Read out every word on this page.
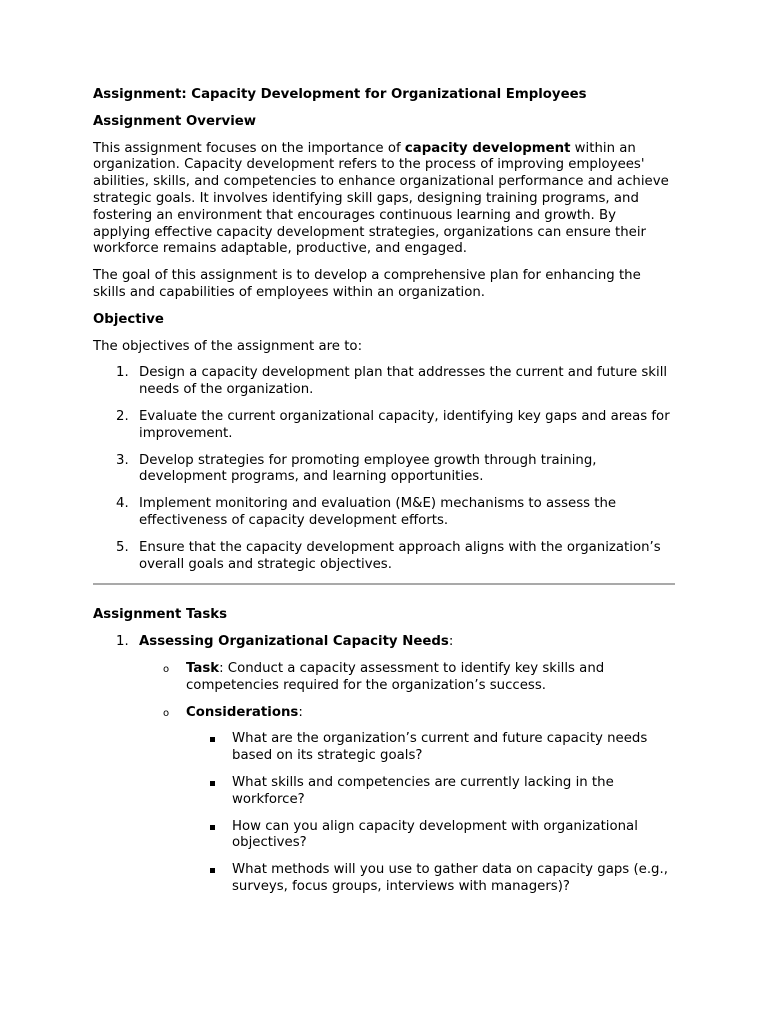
Assignment: Capacity Development for Organizational Employees
Assignment Overview

This assignment focuses on the importance of capacity development within an organization. Capacity development refers to the process of improving employees' abilities, skills, and competencies to enhance organizational performance and achieve strategic goals. It involves identifying skill gaps, designing training programs, and fostering an environment that encourages continuous learning and growth. By applying effective capacity development strategies, organizations can ensure their workforce remains adaptable, productive, and engaged.

The goal of this assignment is to develop a comprehensive plan for enhancing the skills and capabilities of employees within an organization.

Objective

The objectives of the assignment are to:

1. Design a capacity development plan that addresses the current and future skill needs of the organization.
2. Evaluate the current organizational capacity, identifying key gaps and areas for improvement.
3. Develop strategies for promoting employee growth through training, development programs, and learning opportunities.
4. Implement monitoring and evaluation (M&E) mechanisms to assess the effectiveness of capacity development efforts.
5. Ensure that the capacity development approach aligns with the organization’s overall goals and strategic objectives.
Assignment Tasks
1. Assessing Organizational Capacity Needs:
o Task: Conduct a capacity assessment to identify key skills and competencies required for the organization’s success.
o Considerations:
What are the organization’s current and future capacity needs based on its strategic goals?
What skills and competencies are currently lacking in the workforce?
How can you align capacity development with organizational objectives?
What methods will you use to gather data on capacity gaps (e.g., surveys, focus groups, interviews with managers)?
